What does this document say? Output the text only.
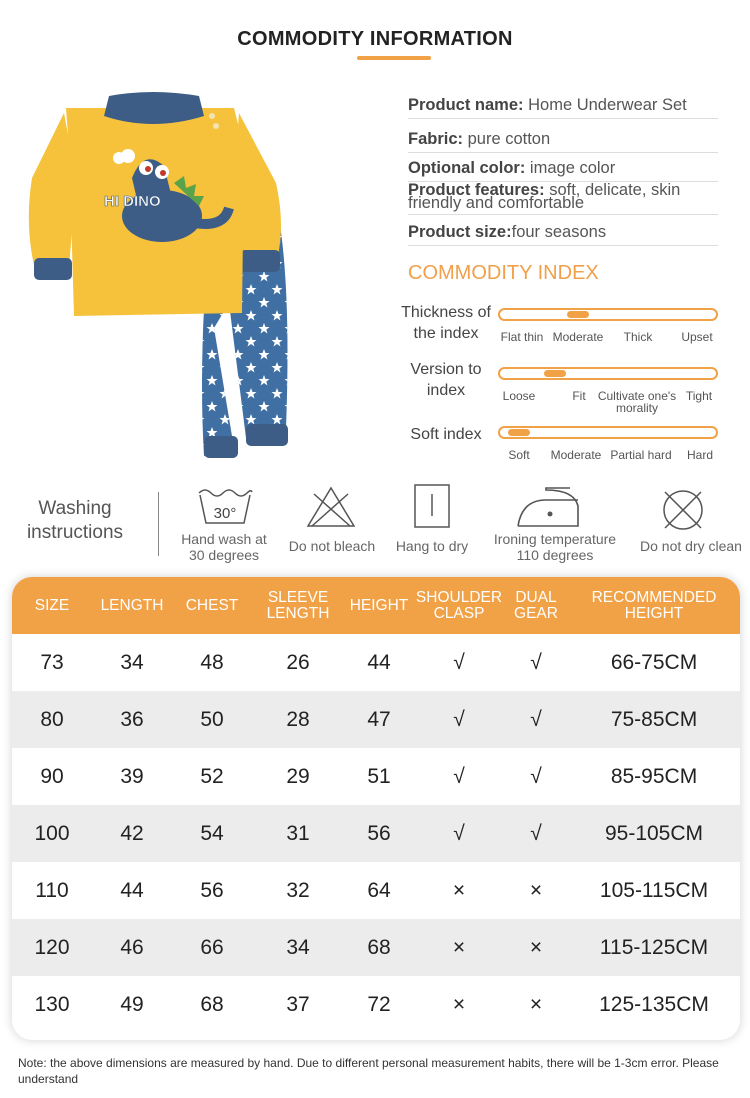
COMMODITY INFORMATION
HI DINO
Product name: Home Underwear Set
Fabric: pure cotton
Optional color: image color
Product features: soft, delicate, skin friendly and comfortable
Product size:four seasons
COMMODITY INDEX
Thickness of the index	Flat thin Moderate	Thick	Upset
Version to index	Loose	Fit	Cultivate one's morality
Tight
Soft index
Soft	Moderate Partial hard	Hard
Washing instructions
30°
Hand wash at 30 degrees
Do not bleach	Hang to dry	Ironing temperature 110 degrees
Do not dry clean
SIZE	LENGTH	CHEST	SLEEVE LENGTH	HEIGHT	SHOULDER CLASP	DUAL GEAR	RECOMMENDED HEIGHT
73	34	48	26	44	√	√	66-75CM
80	36	50	28	47	√	√	75-85CM
90	39	52	29	51	√	√	85-95CM
100	42	54	31	56	√	√	95-105CM
110	44	56	32	64	×	×	105-115CM
120	46	66	34	68	×	×	115-125CM
130	49	68	37	72	×	×	125-135CM
Note: the above dimensions are measured by hand. Due to different personal measurement habits, there will be 1-3cm error. Please understand
